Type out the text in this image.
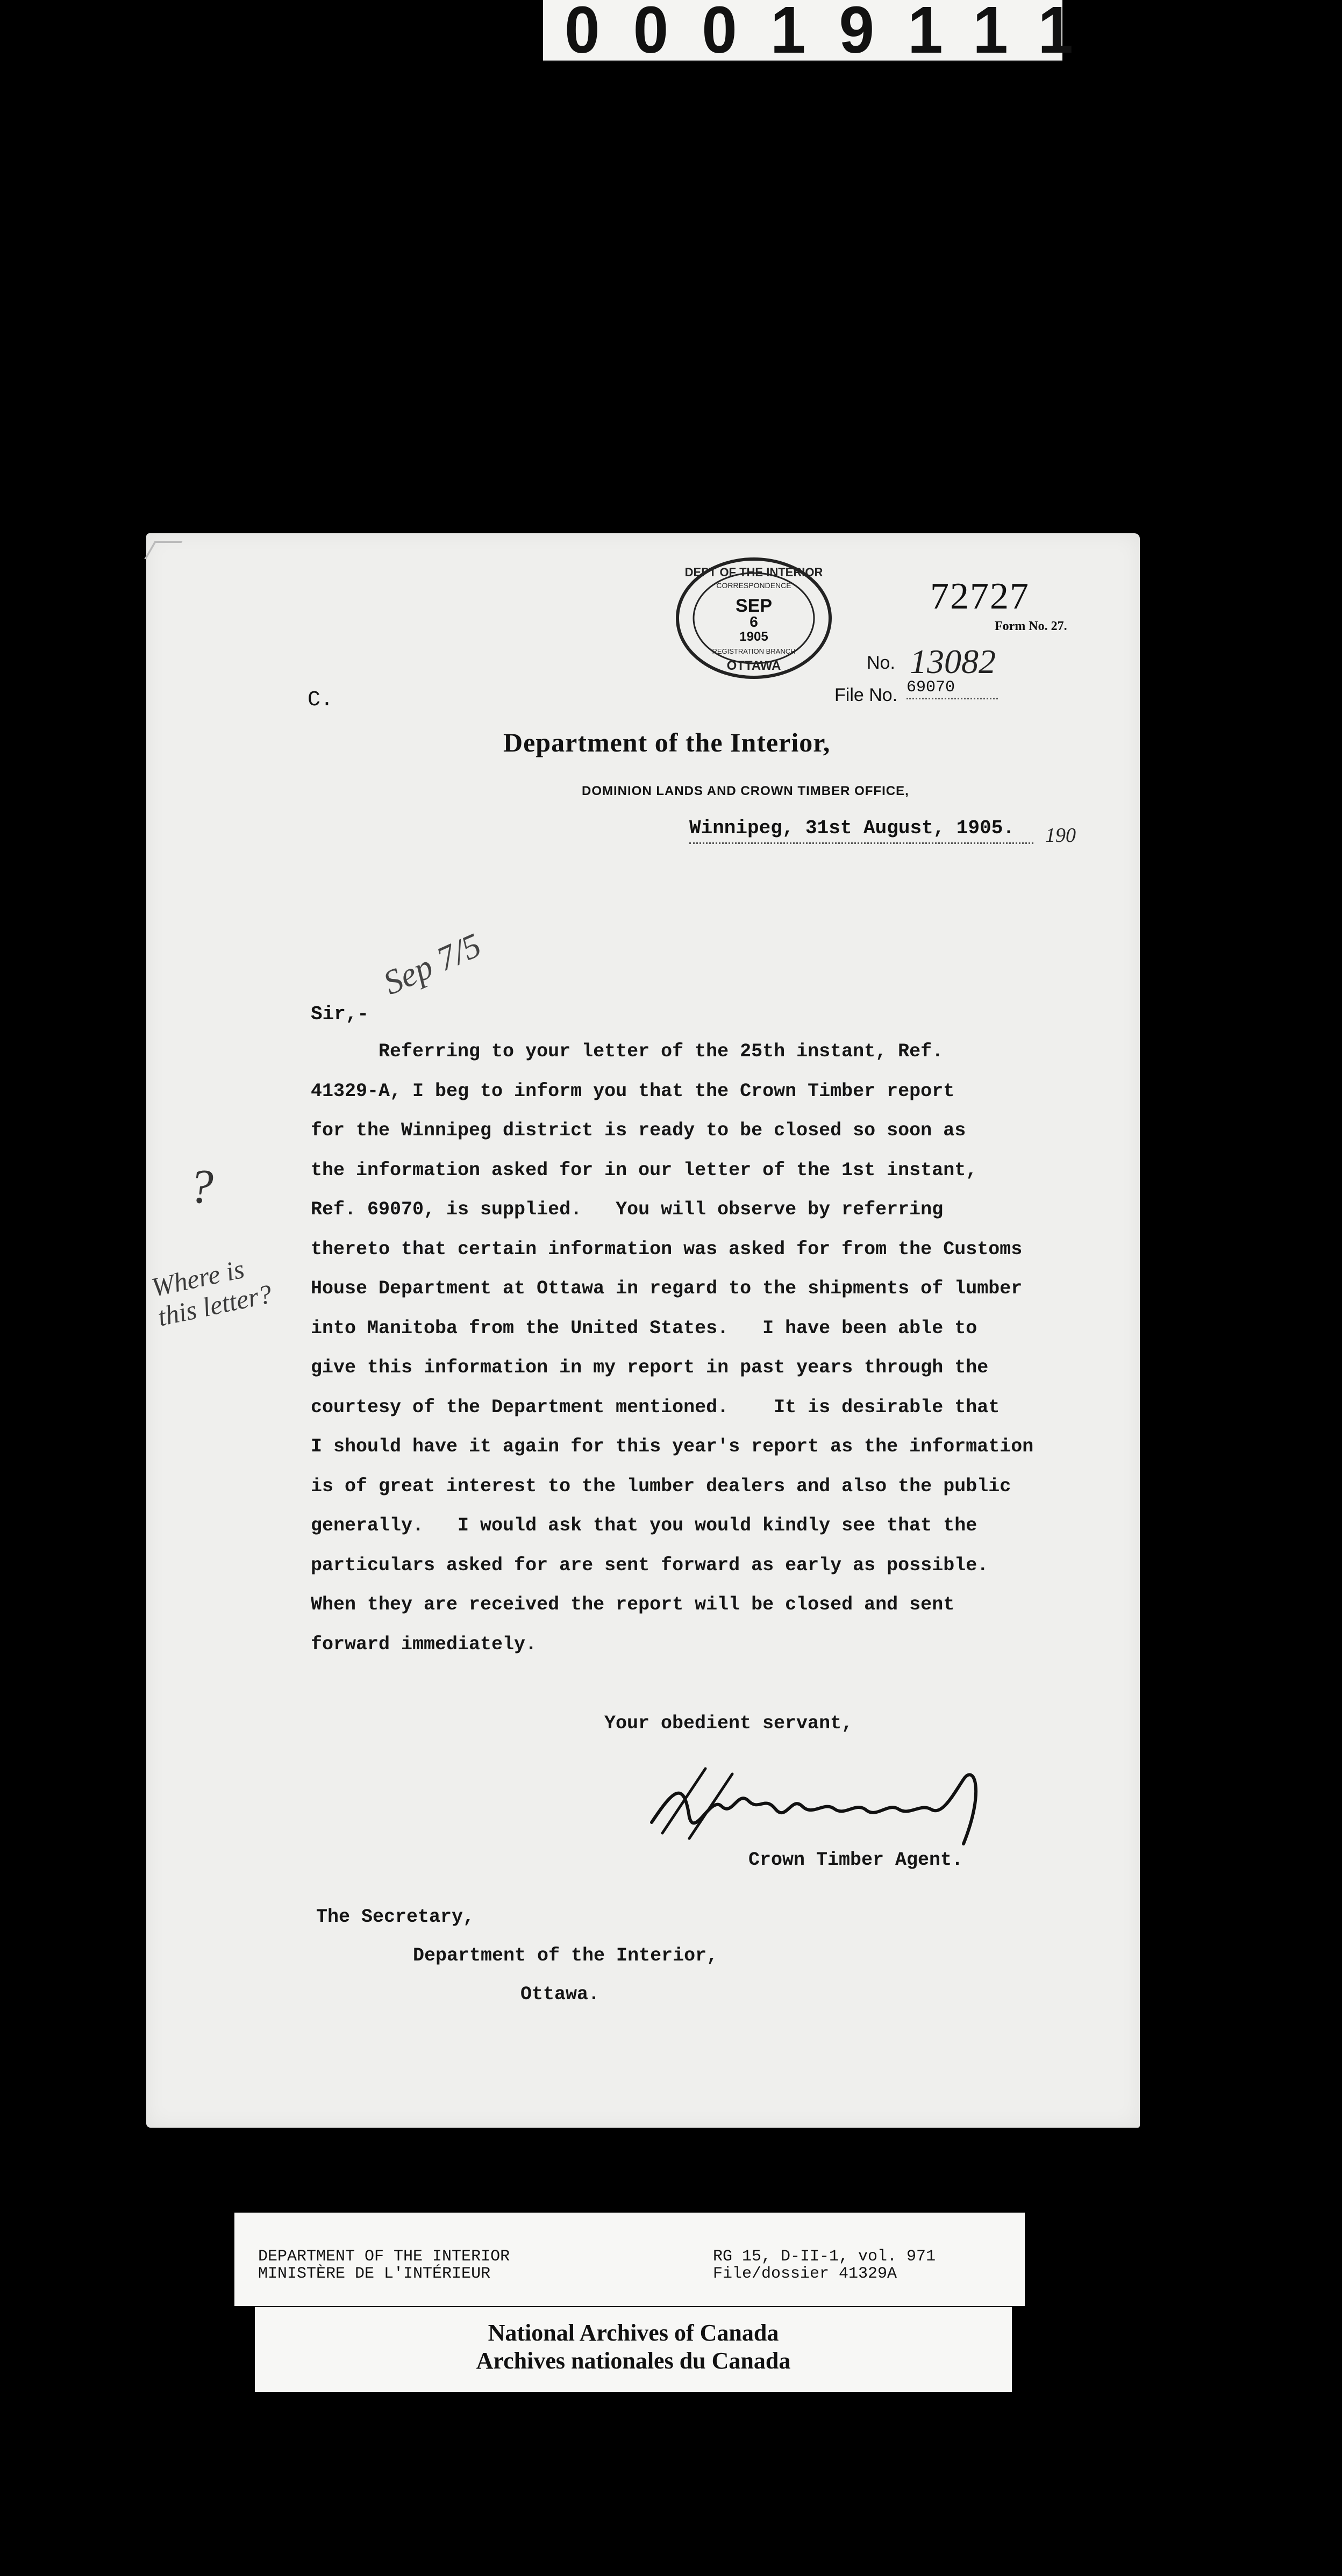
00019111
DEPT OF THE INTERIOR
CORRESPONDENCE
SEP
6
1905
REGISTRATION BRANCH
OTTAWA
72727
Form No. 27.
No. 13082
File No. 69070
C.
Department of the Interior,
DOMINION LANDS AND CROWN TIMBER OFFICE,
Winnipeg, 31st August, 1905.	190
Sep 7/5
Sir,-
?
Where is this letter?

Referring to your letter of the 25th instant, Ref.
41329-A, I beg to inform you that the Crown Timber report
for the Winnipeg district is ready to be closed so soon as
the information asked for in our letter of the 1st instant,
Ref. 69070, is supplied.   You will observe by referring
thereto that certain information was asked for from the Customs
House Department at Ottawa in regard to the shipments of lumber
into Manitoba from the United States.   I have been able to
give this information in my report in past years through the
courtesy of the Department mentioned.    It is desirable that
I should have it again for this year's report as the information
is of great interest to the lumber dealers and also the public
generally.   I would ask that you would kindly see that the
particulars asked for are sent forward as early as possible.
When they are received the report will be closed and sent
forward immediately.

Your obedient servant,
Crown Timber Agent.
The Secretary,
Department of the Interior,
Ottawa.
DEPARTMENT OF THE INTERIOR
MINISTÈRE DE L'INTÉRIEUR
RG 15, D-II-1, vol. 971
File/dossier 41329A
National Archives of Canada
Archives nationales du Canada
